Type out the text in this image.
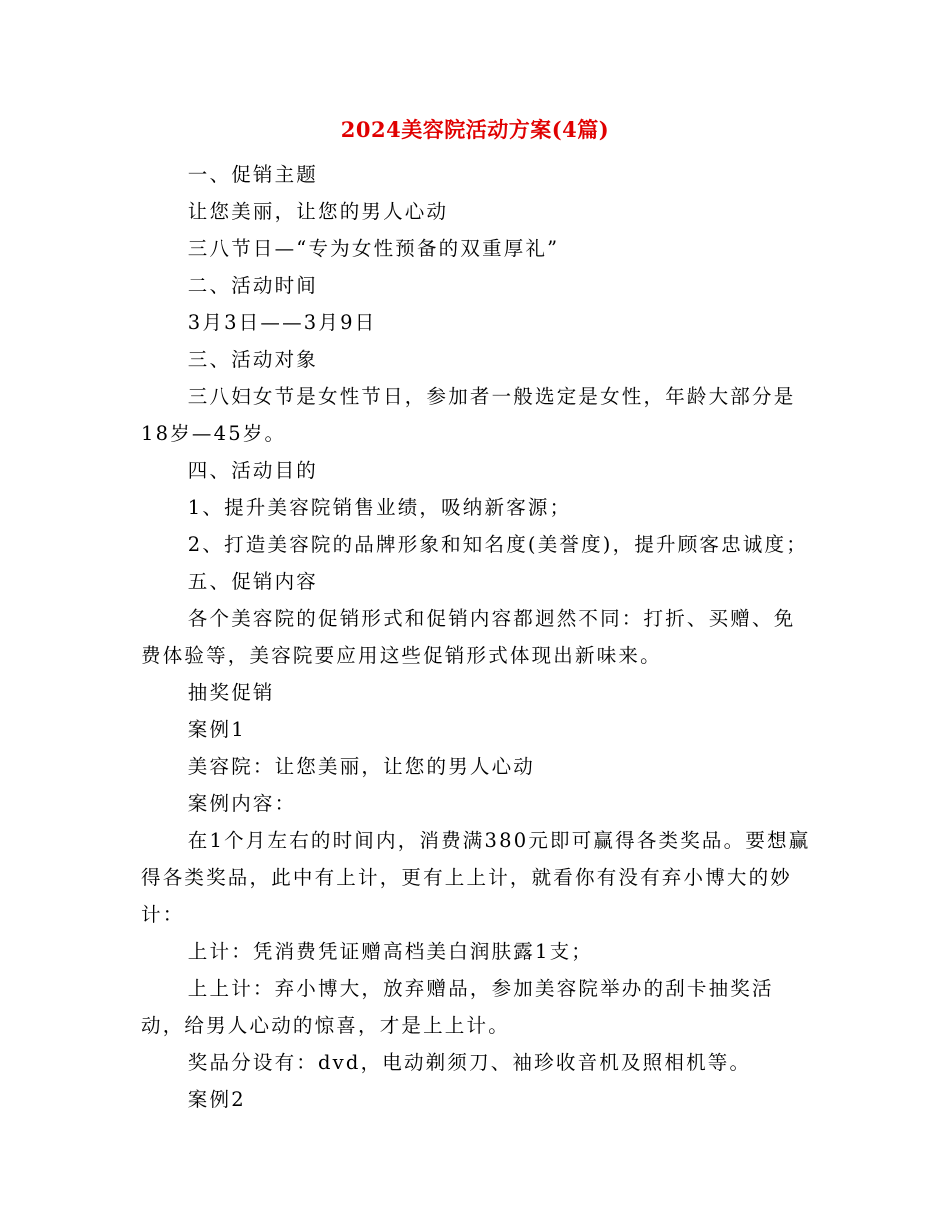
2024美容院活动方案(4篇)

一、促销主题

让您美丽，让您的男人心动

三八节日—“专为女性预备的双重厚礼”

二、活动时间

3月3日——3月9日

三、活动对象

三八妇女节是女性节日，参加者一般选定是女性，年龄大部分是18岁—45岁。

四、活动目的

1、提升美容院销售业绩，吸纳新客源；

2、打造美容院的品牌形象和知名度(美誉度)，提升顾客忠诚度；

五、促销内容

各个美容院的促销形式和促销内容都迥然不同：打折、买赠、免费体验等，美容院要应用这些促销形式体现出新味来。

抽奖促销

案例1

美容院：让您美丽，让您的男人心动

案例内容：

在1个月左右的时间内，消费满380元即可赢得各类奖品。要想赢得各类奖品，此中有上计，更有上上计，就看你有没有弃小博大的妙计：

上计：凭消费凭证赠高档美白润肤露1支；

上上计：弃小博大，放弃赠品，参加美容院举办的刮卡抽奖活动，给男人心动的惊喜，才是上上计。

奖品分设有：dvd，电动剃须刀、袖珍收音机及照相机等。

案例2
